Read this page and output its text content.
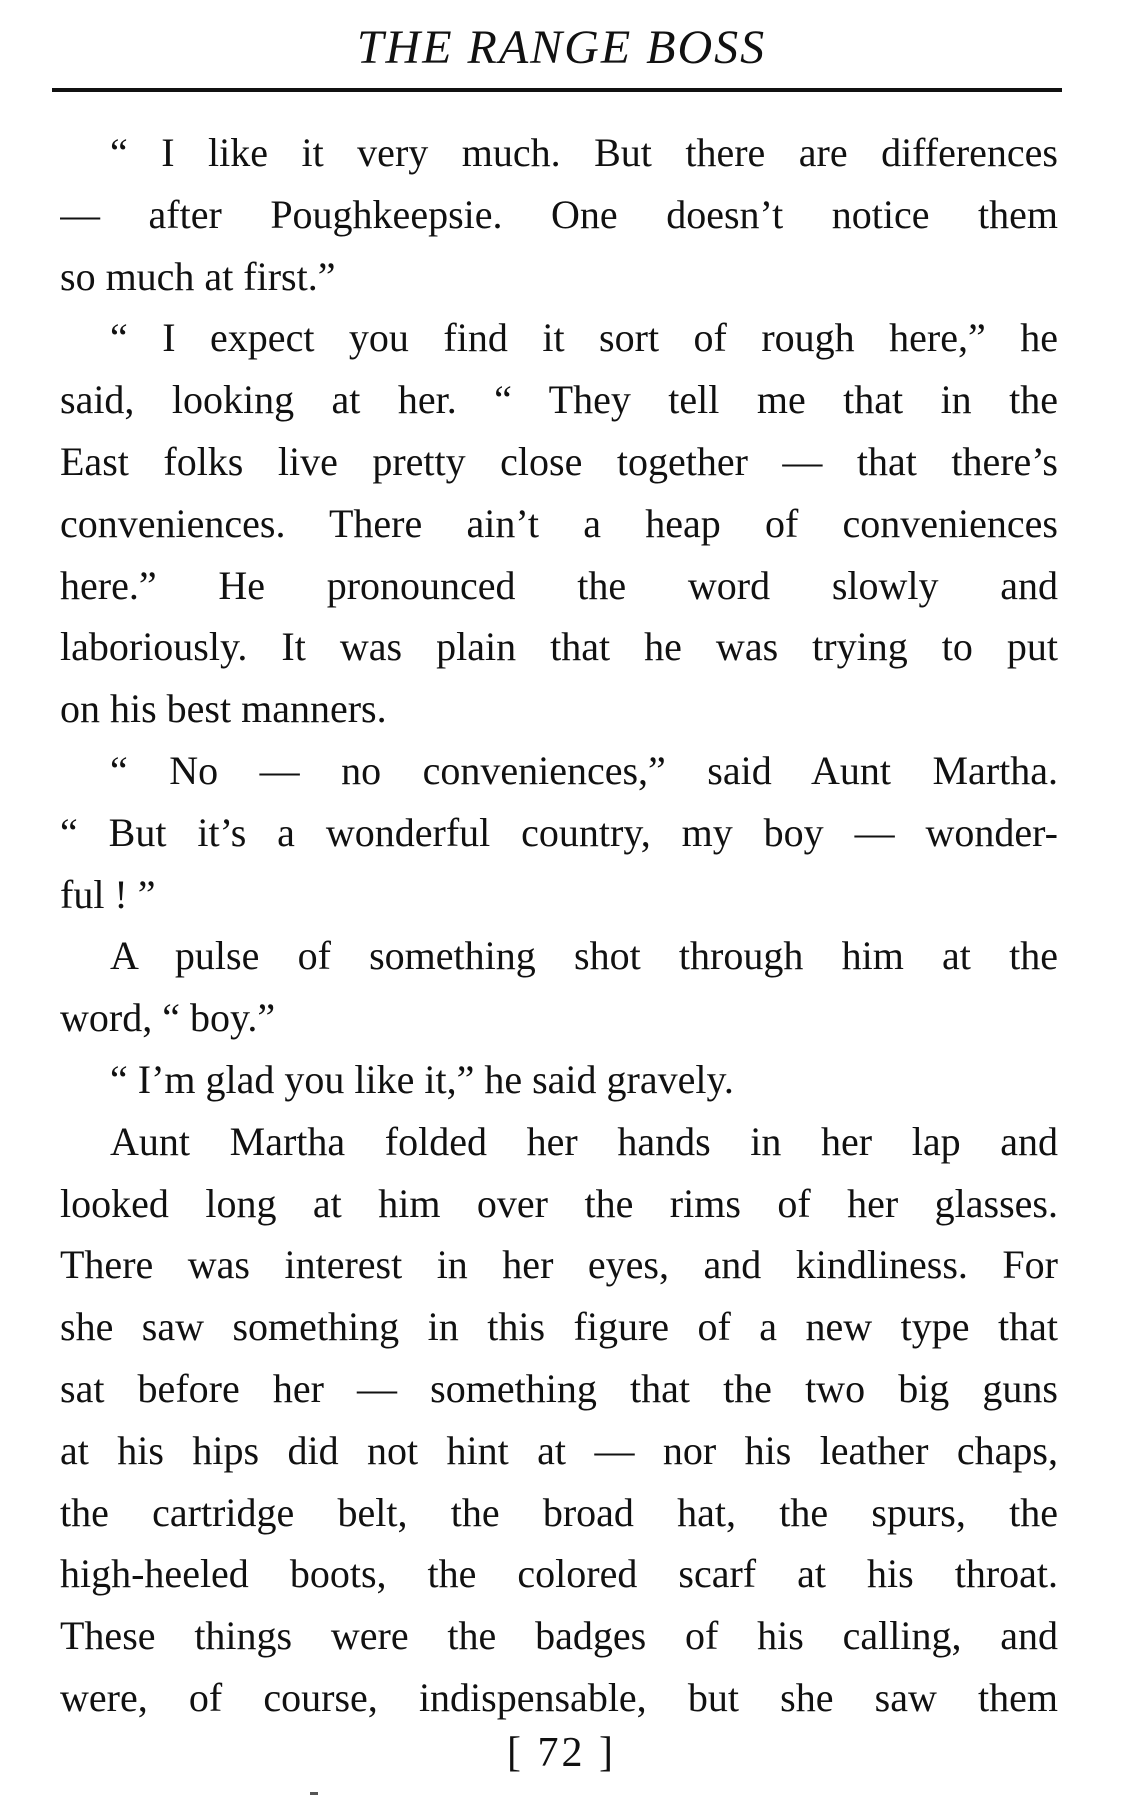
THE RANGE BOSS

“ I like it very much. But there are differences
— after Poughkeepsie. One doesn’t notice them
so much at first.”

“ I expect you find it sort of rough here,” he
said, looking at her. “ They tell me that in the
East folks live pretty close together — that there’s
conveniences. There ain’t a heap of conveniences
here.” He pronounced the word slowly and
laboriously. It was plain that he was trying to put
on his best manners.

“ No — no conveniences,” said Aunt Martha.
“ But it’s a wonderful country, my boy — wonder-
ful ! ”

A pulse of something shot through him at the
word, “ boy.”

“ I’m glad you like it,” he said gravely.

Aunt Martha folded her hands in her lap and
looked long at him over the rims of her glasses.
There was interest in her eyes, and kindliness. For
she saw something in this figure of a new type that
sat before her — something that the two big guns
at his hips did not hint at — nor his leather chaps,
the cartridge belt, the broad hat, the spurs, the
high-heeled boots, the colored scarf at his throat.
These things were the badges of his calling, and
were, of course, indispensable, but she saw them

[ 72 ]
